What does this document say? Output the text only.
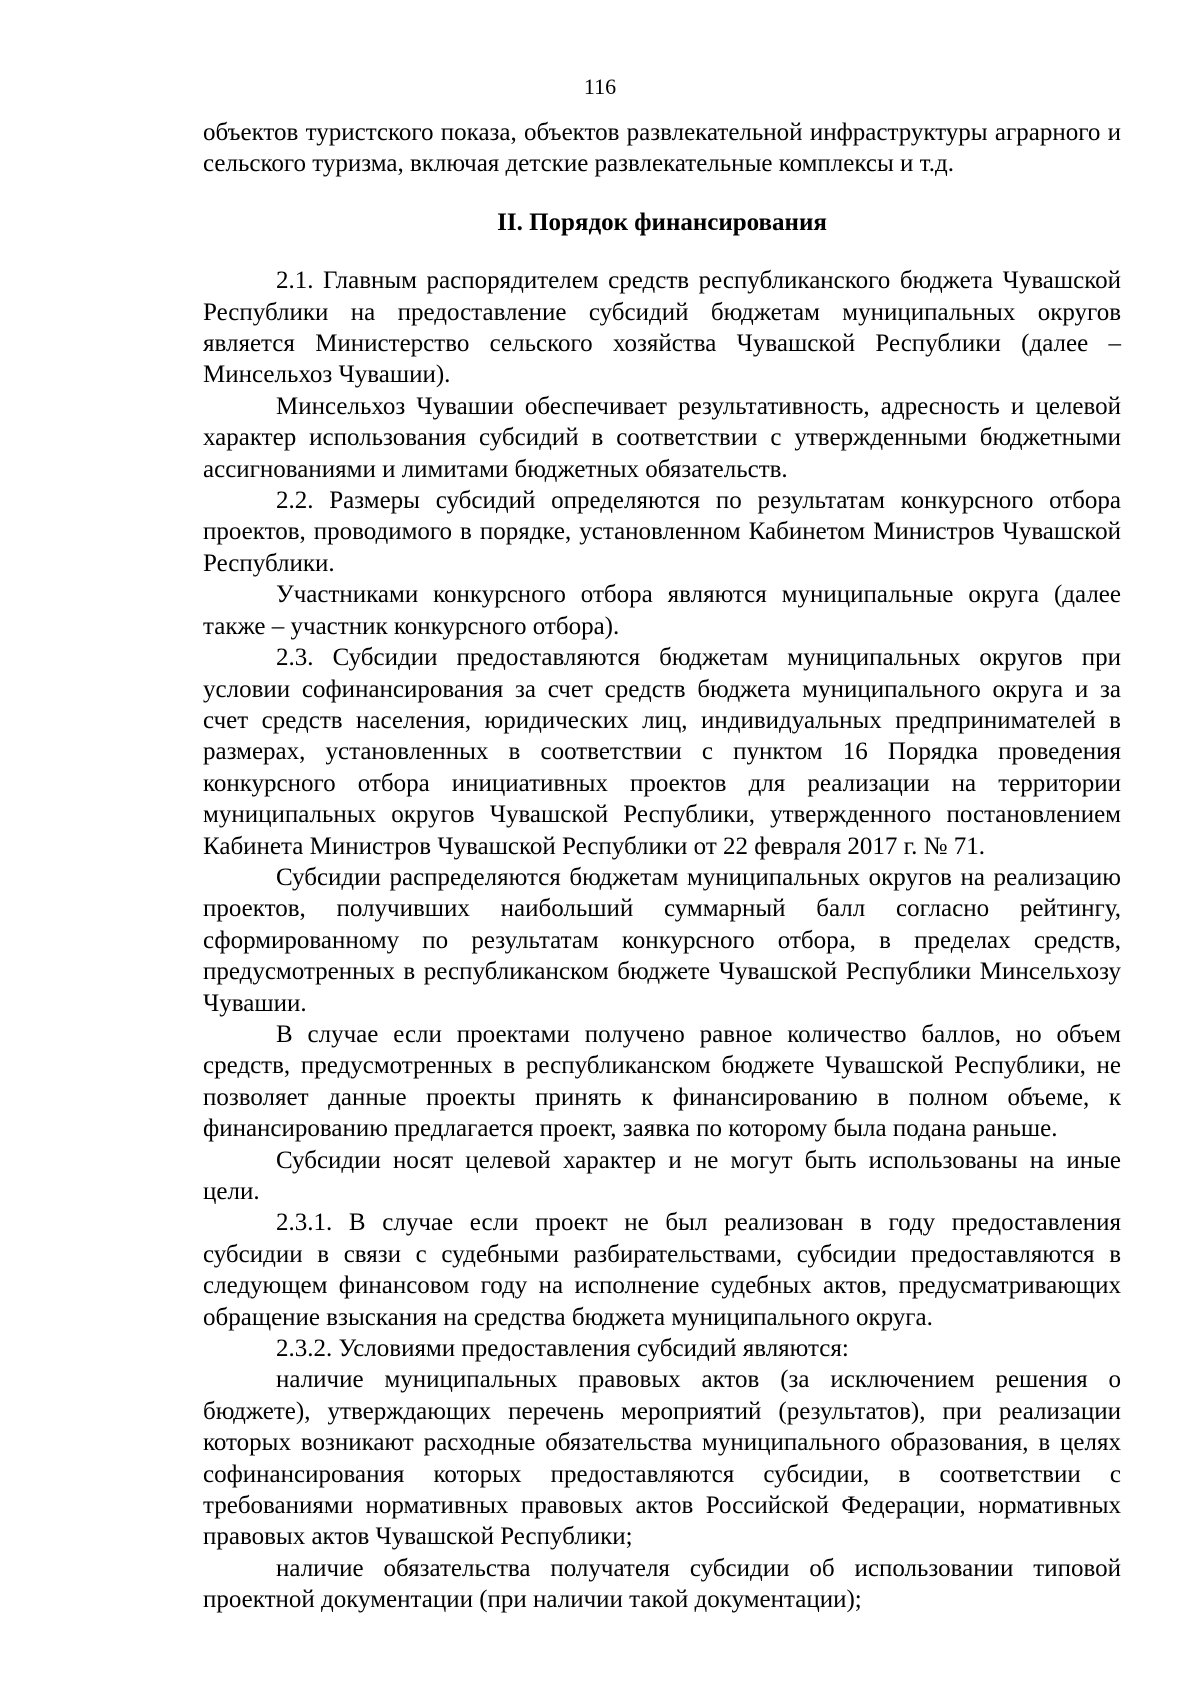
116

объектов туристского показа, объектов развлекательной инфраструктуры аграрного и сельского туризма, включая детские развлекательные комплексы и т.д.

II. Порядок финансирования

2.1. Главным распорядителем средств республиканского бюджета Чувашской Республики на предоставление субсидий бюджетам муниципальных округов является Министерство сельского хозяйства Чувашской Республики (далее – Минсельхоз Чувашии).

Минсельхоз Чувашии обеспечивает результативность, адресность и целевой характер использования субсидий в соответствии с утвержденными бюджетными ассигнованиями и лимитами бюджетных обязательств.

2.2. Размеры субсидий определяются по результатам конкурсного отбора проектов, проводимого в порядке, установленном Кабинетом Министров Чувашской Республики.

Участниками конкурсного отбора являются муниципальные округа (далее также – участник конкурсного отбора).

2.3. Субсидии предоставляются бюджетам муниципальных округов при условии софинансирования за счет средств бюджета муниципального округа и за счет средств населения, юридических лиц, индивидуальных предпринимателей в размерах, установленных в соответствии с пунктом 16 Порядка проведения конкурсного отбора инициативных проектов для реализации на территории муниципальных округов Чувашской Республики, утвержденного постановлением Кабинета Министров Чувашской Республики от 22 февраля 2017 г. № 71.

Субсидии распределяются бюджетам муниципальных округов на реализацию проектов, получивших наибольший суммарный балл согласно рейтингу, сформированному по результатам конкурсного отбора, в пределах средств, предусмотренных в республиканском бюджете Чувашской Республики Минсельхозу Чувашии.

В случае если проектами получено равное количество баллов, но объем средств, предусмотренных в республиканском бюджете Чувашской Республики, не позволяет данные проекты принять к финансированию в полном объеме, к финансированию предлагается проект, заявка по которому была подана раньше.

Субсидии носят целевой характер и не могут быть использованы на иные цели.

2.3.1. В случае если проект не был реализован в году предоставления субсидии в связи с судебными разбирательствами, субсидии предоставляются в следующем финансовом году на исполнение судебных актов, предусматривающих обращение взыскания на средства бюджета муниципального округа.

2.3.2. Условиями предоставления субсидий являются:

наличие муниципальных правовых актов (за исключением решения о бюджете), утверждающих перечень мероприятий (результатов), при реализации которых возникают расходные обязательства муниципального образования, в целях софинансирования которых предоставляются субсидии, в соответствии с требованиями нормативных правовых актов Российской Федерации, нормативных правовых актов Чувашской Республики;

наличие обязательства получателя субсидии об использовании типовой проектной документации (при наличии такой документации);
